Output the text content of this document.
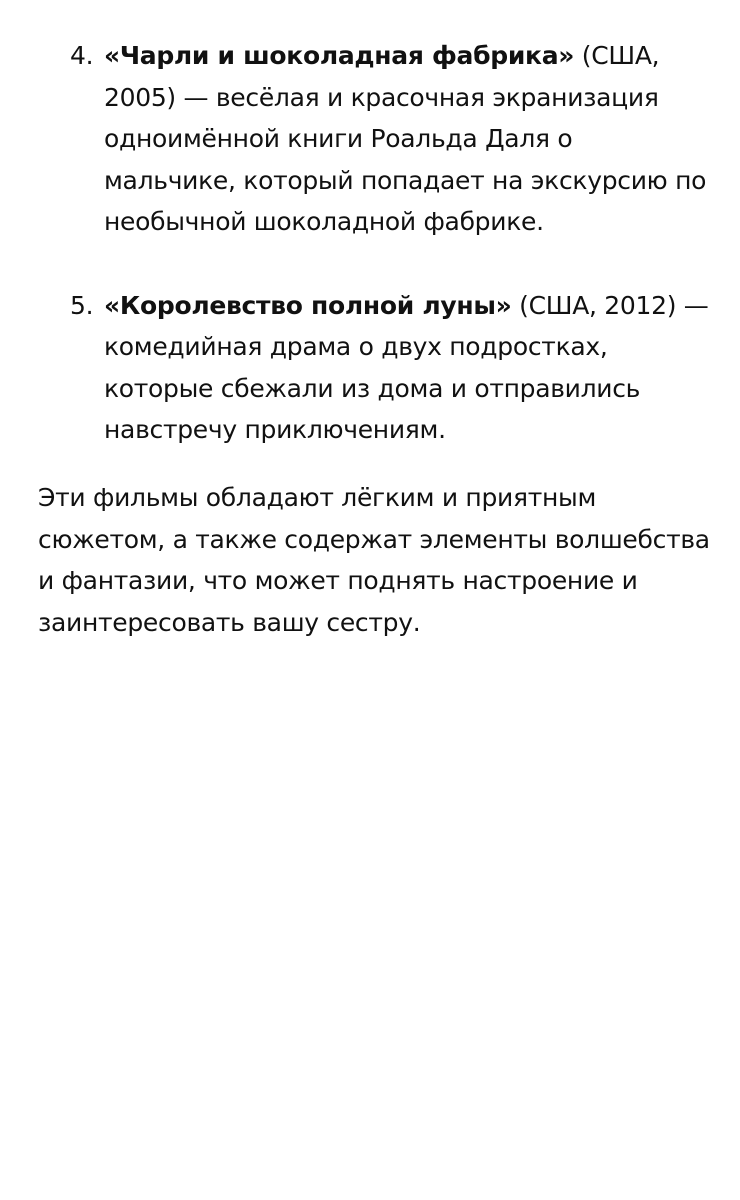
4. «Чарли и шоколадная фабрика» (США, 2005) — весёлая и красочная экранизация одноимённой книги Роальда Даля о мальчике, который попадает на экскурсию по необычной шоколадной фабрике.
5. «Королевство полной луны» (США, 2012) — комедийная драма о двух подростках, которые сбежали из дома и отправились навстречу приключениям.

Эти фильмы обладают лёгким и приятным сюжетом, а также содержат элементы волшебства и фантазии, что может поднять настроение и заинтересовать вашу сестру.
